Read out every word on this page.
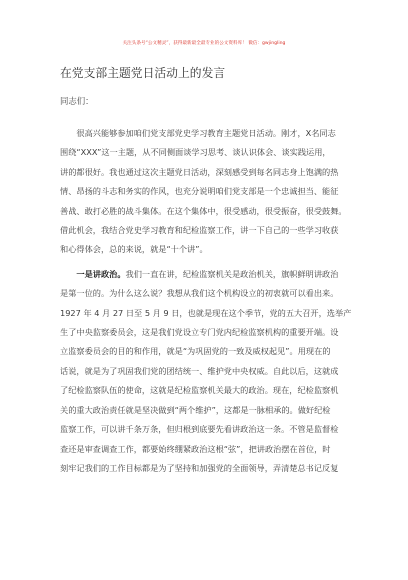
关注头条号“公文精灵”，获得最新最全最专业的公文资料库！ 微信：gwjingling
在党支部主题党日活动上的发言
同志们：
　　很高兴能够参加咱们党支部党史学习教育主题党日活动。刚才，X名同志
围绕“XXX”这一主题，从不同侧面谈学习思考、谈认识体会、谈实践运用，
讲的都很好。我也通过这次主题党日活动，深刻感受到每名同志身上饱满的热
情、昂扬的斗志和务实的作风，也充分说明咱们党支部是一个忠诚担当、能征
善战、敢打必胜的战斗集体。在这个集体中，很受感动，很受振奋，很受鼓舞。
借此机会，我结合党史学习教育和纪检监察工作，讲一下自己的一些学习收获
和心得体会，总的来说，就是“十个讲”。
　　一是讲政治。我们一直在讲，纪检监察机关是政治机关，旗帜鲜明讲政治
是第一位的。为什么这么说？我想从我们这个机构设立的初衷就可以看出来。
1927 年 4 月 27 日至 5 月 9 日，也就是现在这个季节，党的五大召开，选举产
生了中央监察委员会，这是我们党设立专门党内纪检监察机构的重要开端。设
立监察委员会的目的和作用，就是“为巩固党的一致及威权起见”。用现在的
话说，就是为了巩固我们党的团结统一、维护党中央权威。自此以后，这就成
了纪检监察队伍的使命，这就是纪检监察机关最大的政治。现在，纪检监察机
关的重大政治责任就是坚决做到“两个维护”，这都是一脉相承的。做好纪检
监察工作，可以讲千条万条，但归根到底要先看讲政治这一条。不管是监督检
查还是审查调查工作，都要始终绷紧政治这根“弦”，把讲政治摆在首位，时
刻牢记我们的工作目标都是为了坚持和加强党的全面领导，弄清楚总书记反复
